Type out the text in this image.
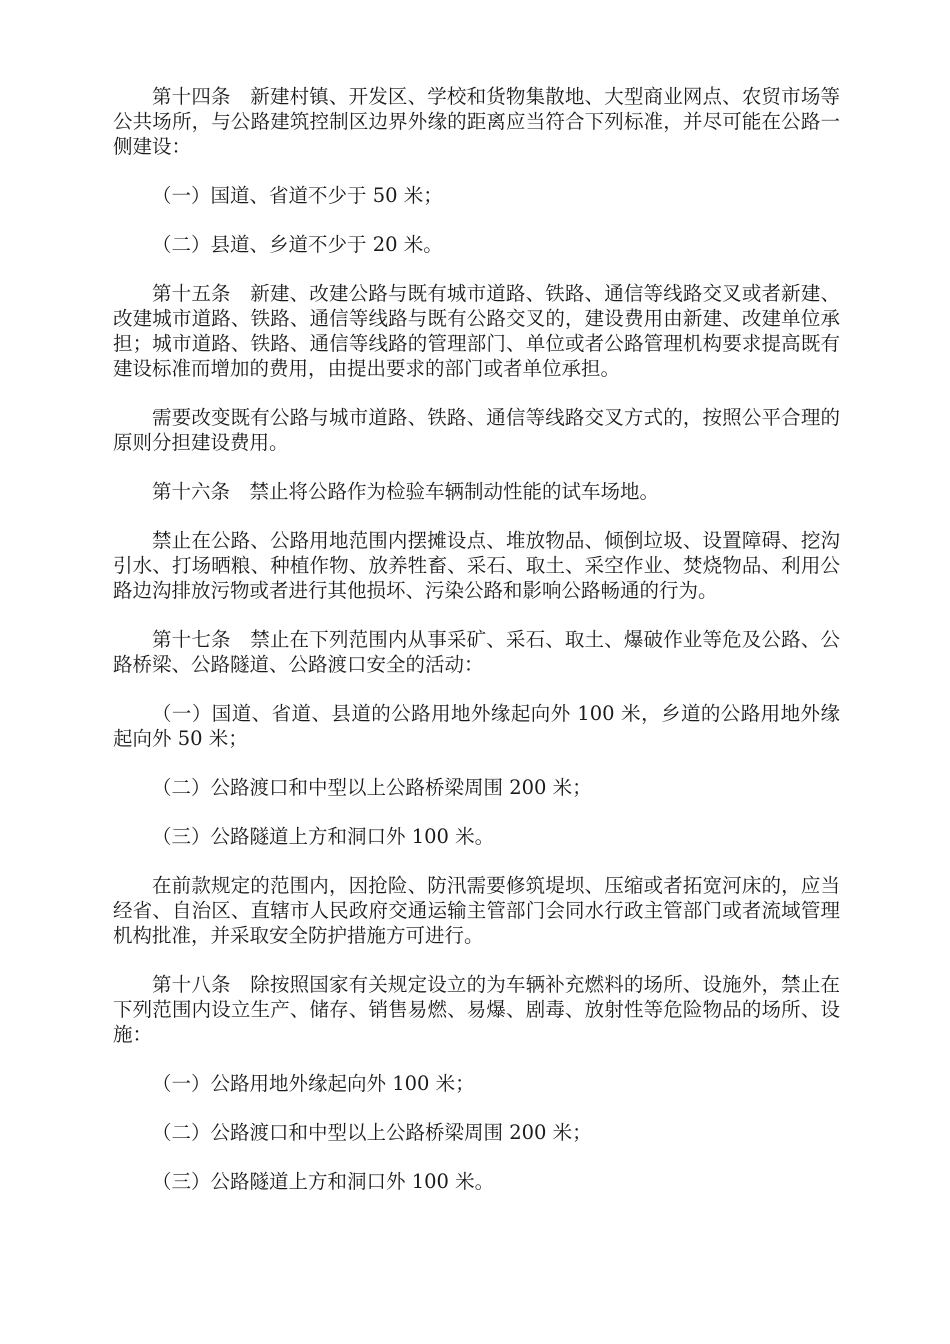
第十四条　新建村镇、开发区、学校和货物集散地、大型商业网点、农贸市场等公共场所，与公路建筑控制区边界外缘的距离应当符合下列标准，并尽可能在公路一侧建设：

（一）国道、省道不少于 50 米；

（二）县道、乡道不少于 20 米。

第十五条　新建、改建公路与既有城市道路、铁路、通信等线路交叉或者新建、改建城市道路、铁路、通信等线路与既有公路交叉的，建设费用由新建、改建单位承担；城市道路、铁路、通信等线路的管理部门、单位或者公路管理机构要求提高既有建设标准而增加的费用，由提出要求的部门或者单位承担。

需要改变既有公路与城市道路、铁路、通信等线路交叉方式的，按照公平合理的原则分担建设费用。

第十六条　禁止将公路作为检验车辆制动性能的试车场地。

禁止在公路、公路用地范围内摆摊设点、堆放物品、倾倒垃圾、设置障碍、挖沟引水、打场晒粮、种植作物、放养牲畜、采石、取土、采空作业、焚烧物品、利用公路边沟排放污物或者进行其他损坏、污染公路和影响公路畅通的行为。

第十七条　禁止在下列范围内从事采矿、采石、取土、爆破作业等危及公路、公路桥梁、公路隧道、公路渡口安全的活动：

（一）国道、省道、县道的公路用地外缘起向外 100 米，乡道的公路用地外缘起向外 50 米；

（二）公路渡口和中型以上公路桥梁周围 200 米；

（三）公路隧道上方和洞口外 100 米。

在前款规定的范围内，因抢险、防汛需要修筑堤坝、压缩或者拓宽河床的，应当经省、自治区、直辖市人民政府交通运输主管部门会同水行政主管部门或者流域管理机构批准，并采取安全防护措施方可进行。

第十八条　除按照国家有关规定设立的为车辆补充燃料的场所、设施外，禁止在下列范围内设立生产、储存、销售易燃、易爆、剧毒、放射性等危险物品的场所、设施：

（一）公路用地外缘起向外 100 米；

（二）公路渡口和中型以上公路桥梁周围 200 米；

（三）公路隧道上方和洞口外 100 米。
